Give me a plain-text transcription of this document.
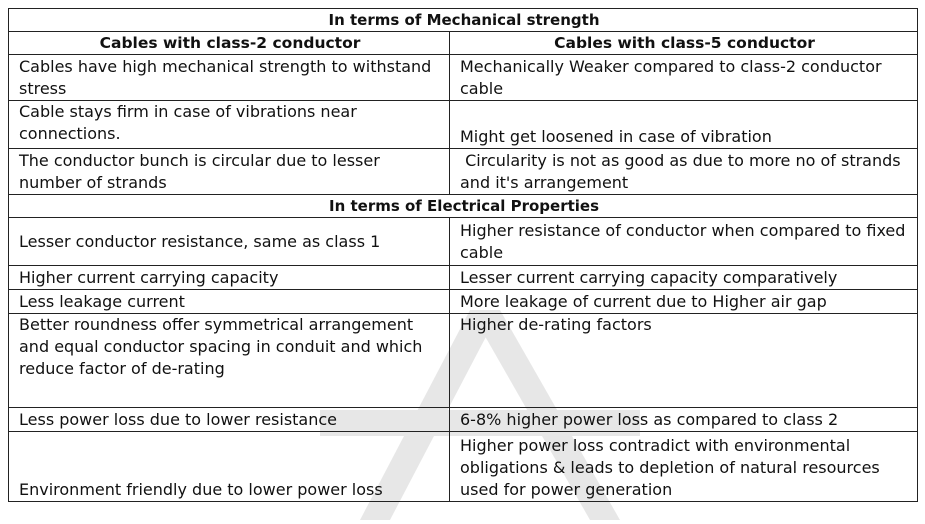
In terms of Mechanical strength	
Cables with class-2 conductor	Cables with class-5 conductor
Cables have high mechanical strength to withstand stress	Mechanically Weaker compared to class-2 conductor cable
Cable stays firm in case of vibrations near connections.	Might get loosened in case of vibration
The conductor bunch is circular due to lesser number of strands	Circularity is not as good as due to more no of strands and it's arrangement
In terms of Electrical Properties	
Lesser conductor resistance, same as class 1	Higher resistance of conductor when compared to fixed cable
Higher current carrying capacity	Lesser current carrying capacity comparatively
Less leakage current	More leakage of current due to Higher air gap
Better roundness offer symmetrical arrangement and equal conductor spacing in conduit and which reduce factor of de-rating	Higher de-rating factors
Less power loss due to lower resistance	6-8% higher power loss as compared to class 2
Environment friendly due to lower power loss	Higher power loss contradict with environmental obligations & leads to depletion of natural resources used for power generation
